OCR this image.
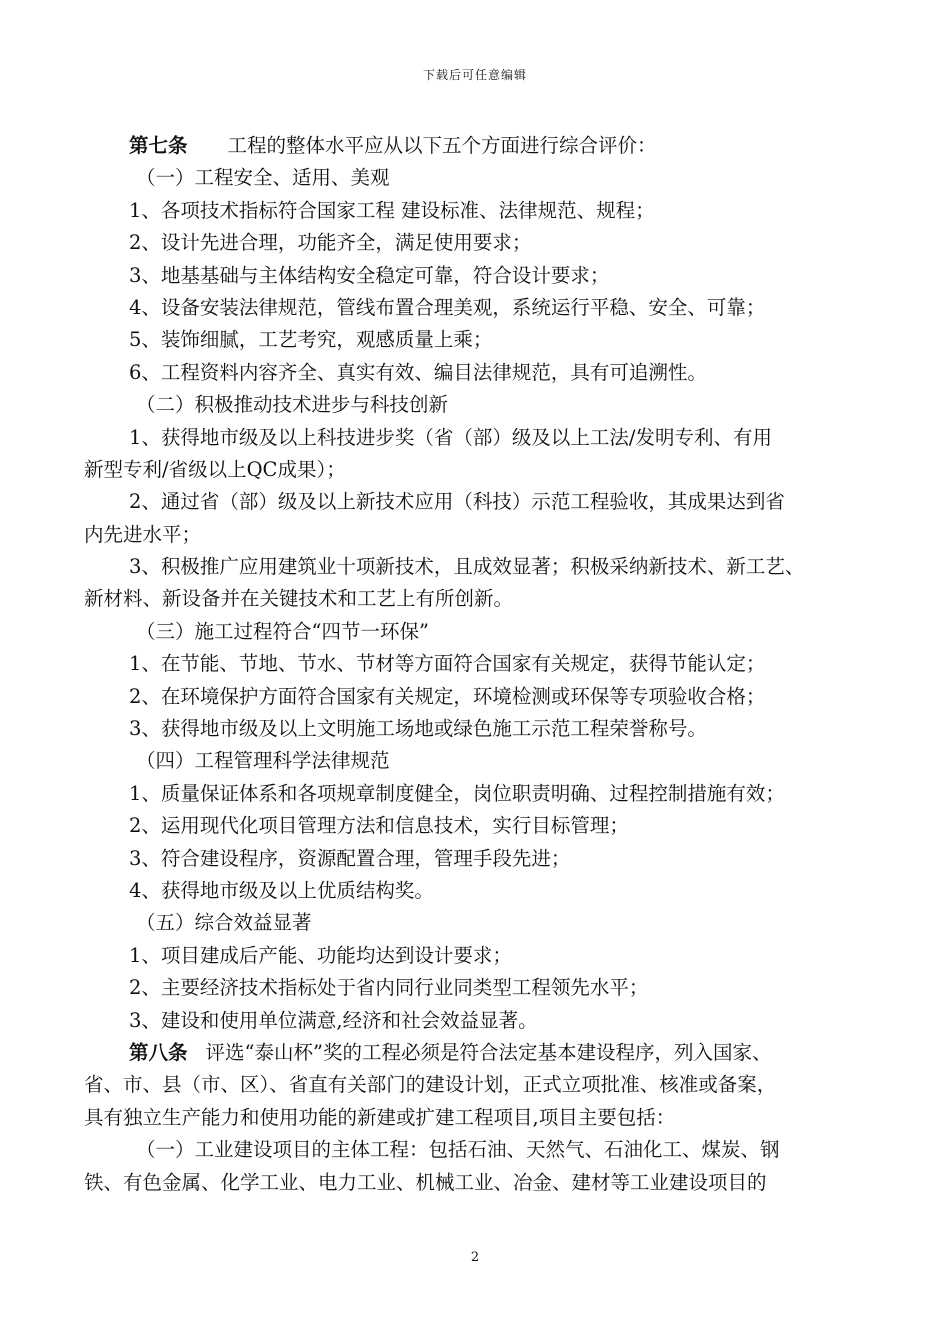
下载后可任意编辑
第七条 工程的整体水平应从以下五个方面进行综合评价：
（一）工程安全、适用、美观
1、各项技术指标符合国家工程 建设标准、法律规范、规程；
2、设计先进合理，功能齐全，满足使用要求；
3、地基基础与主体结构安全稳定可靠，符合设计要求；
4、设备安装法律规范，管线布置合理美观，系统运行平稳、安全、可靠；
5、装饰细腻，工艺考究，观感质量上乘；
6、工程资料内容齐全、真实有效、编目法律规范，具有可追溯性。
（二）积极推动技术进步与科技创新
1、获得地市级及以上科技进步奖（省（部）级及以上工法/发明专利、有用
新型专利/省级以上QC成果）；
2、通过省（部）级及以上新技术应用（科技）示范工程验收，其成果达到省
内先进水平；
3、积极推广应用建筑业十项新技术，且成效显著；积极采纳新技术、新工艺、
新材料、新设备并在关键技术和工艺上有所创新。
（三）施工过程符合“四节一环保”
1、在节能、节地、节水、节材等方面符合国家有关规定，获得节能认定；
2、在环境保护方面符合国家有关规定，环境检测或环保等专项验收合格；
3、获得地市级及以上文明施工场地或绿色施工示范工程荣誉称号。
（四）工程管理科学法律规范
1、质量保证体系和各项规章制度健全，岗位职责明确、过程控制措施有效；
2、运用现代化项目管理方法和信息技术，实行目标管理；
3、符合建设程序，资源配置合理，管理手段先进；
4、获得地市级及以上优质结构奖。
（五）综合效益显著
1、项目建成后产能、功能均达到设计要求；
2、主要经济技术指标处于省内同行业同类型工程领先水平；
3、建设和使用单位满意,经济和社会效益显著。
第八条 评选“泰山杯”奖的工程必须是符合法定基本建设程序，列入国家、
省、市、县（市、区）、省直有关部门的建设计划，正式立项批准、核准或备案，
具有独立生产能力和使用功能的新建或扩建工程项目,项目主要包括：
（一）工业建设项目的主体工程：包括石油、天然气、石油化工、煤炭、钢
铁、有色金属、化学工业、电力工业、机械工业、冶金、建材等工业建设项目的
2
